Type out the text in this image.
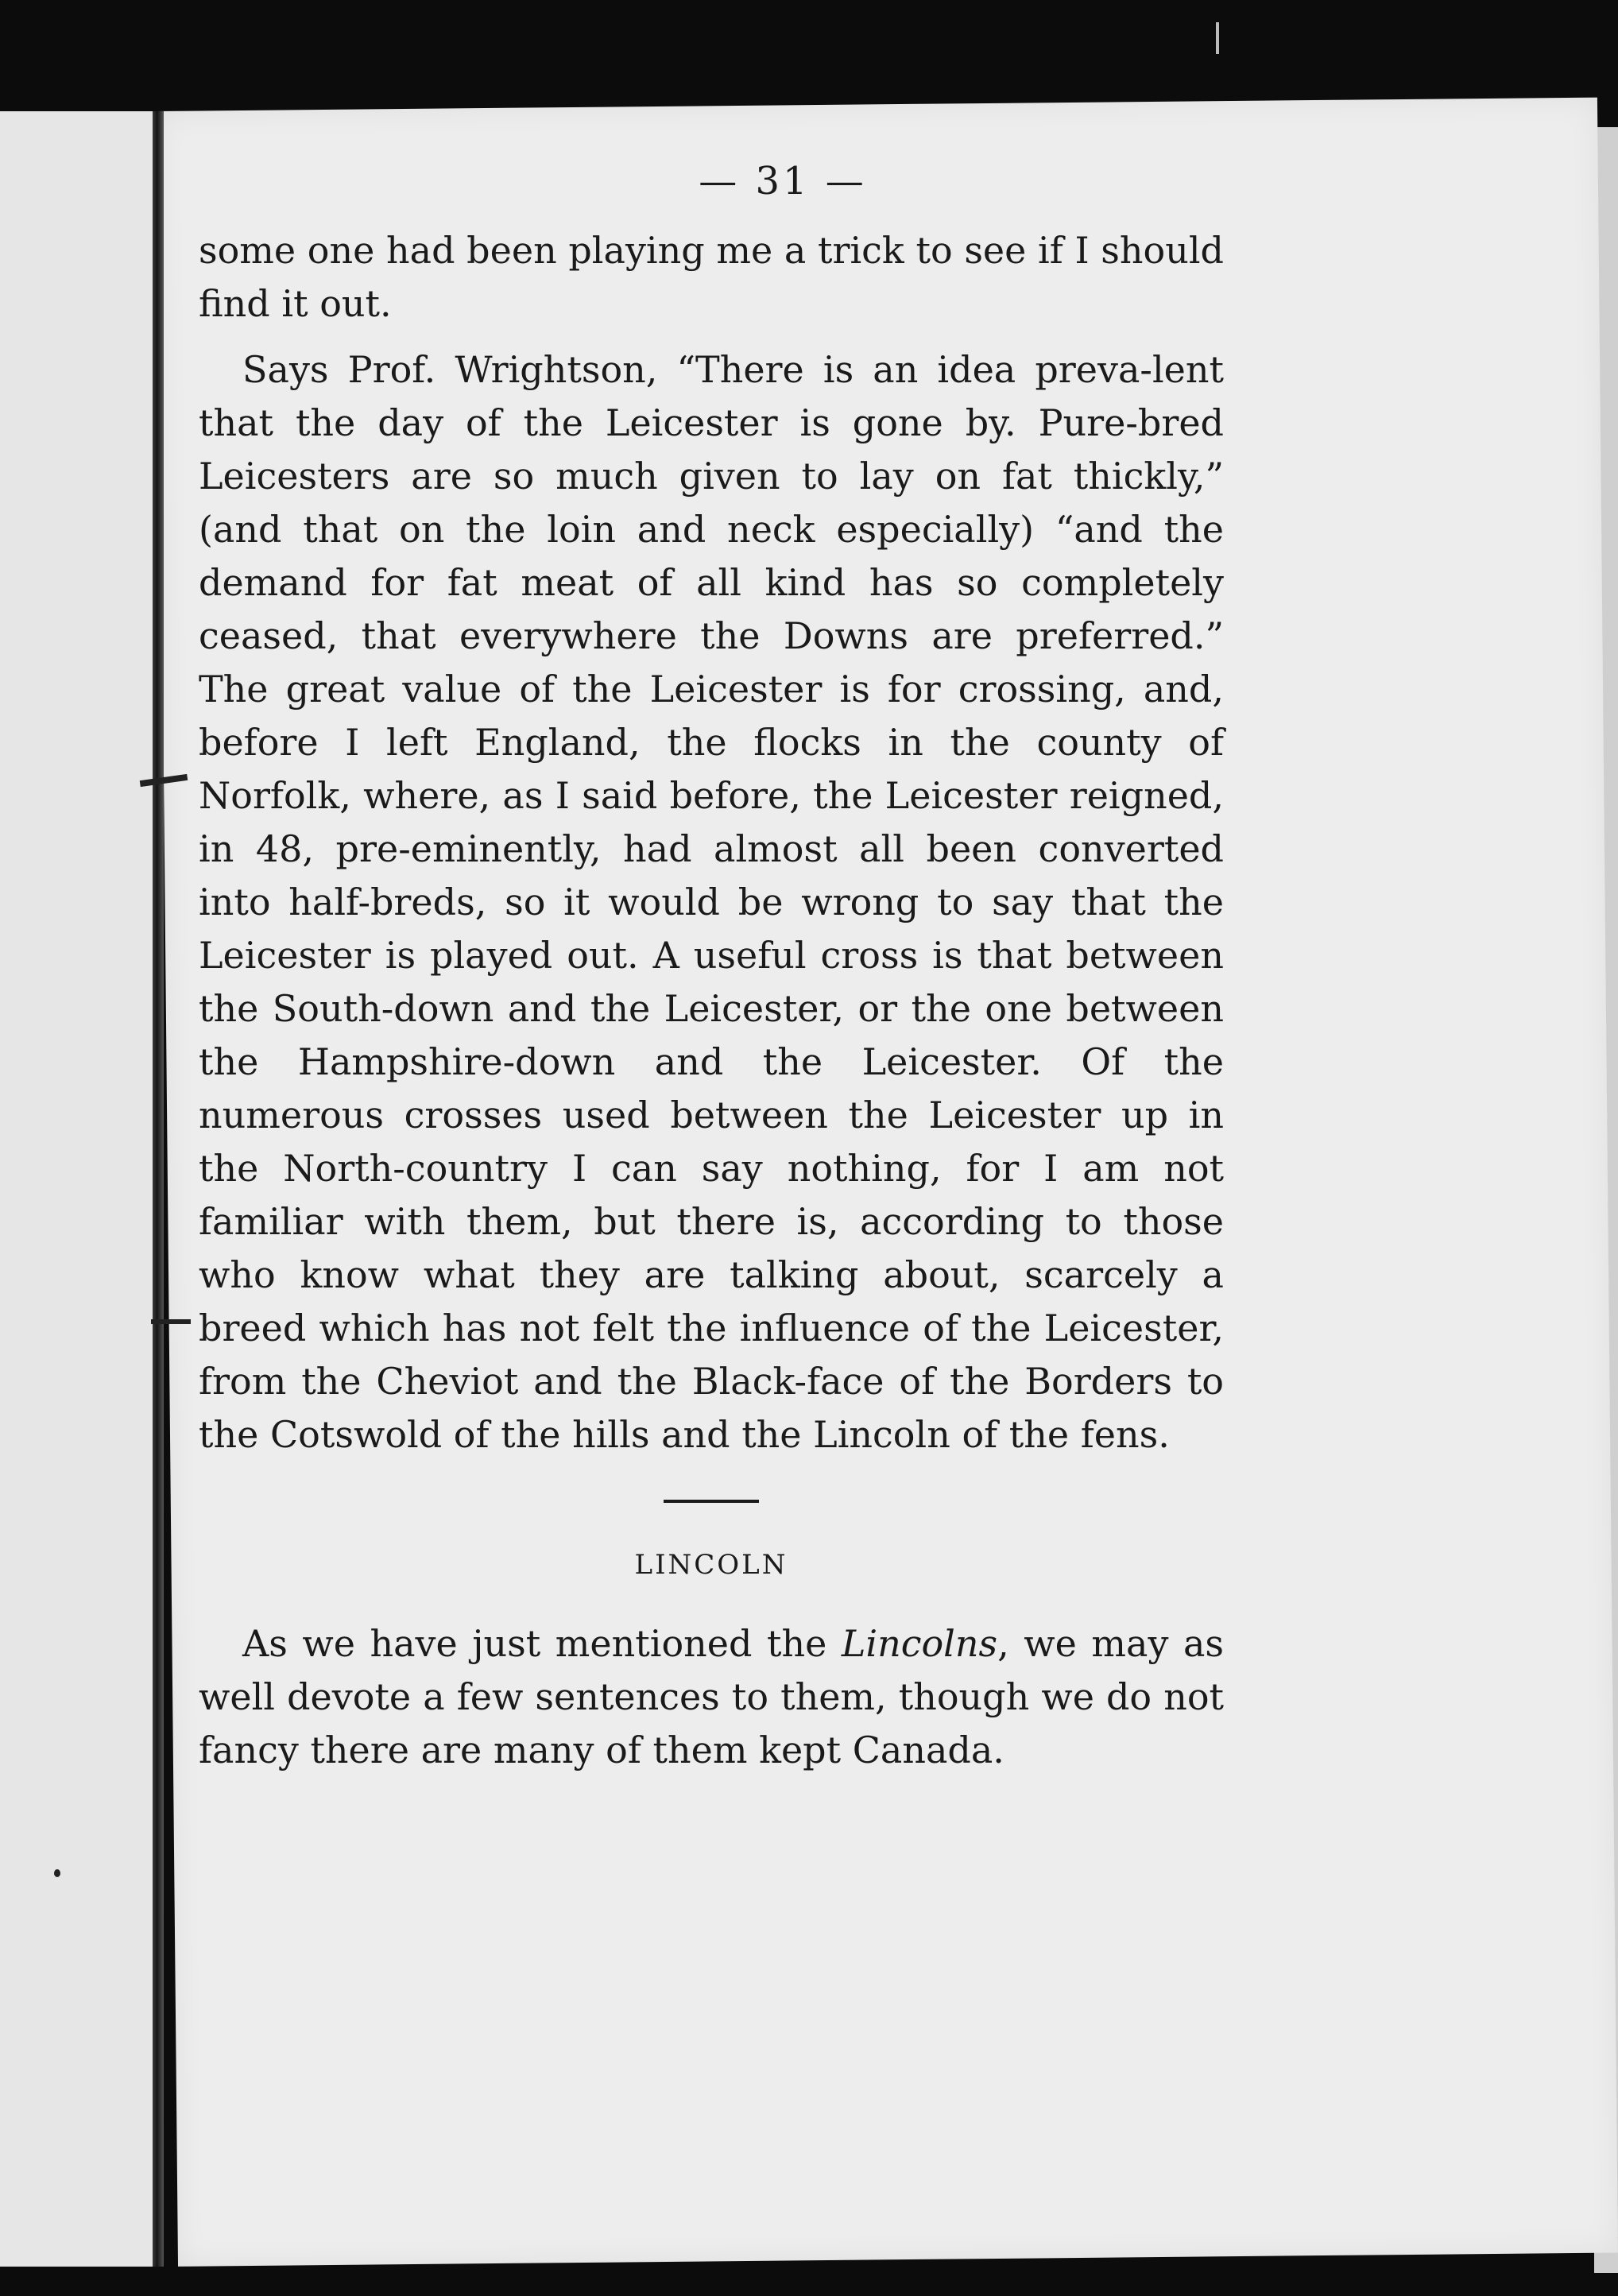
— 31 —

some one had been playing me a trick to see if I should find it out.

Says Prof. Wrightson, “There is an idea preva-lent that the day of the Leicester is gone by. Pure-bred Leicesters are so much given to lay on fat thickly,” (and that on the loin and neck especially) “and the demand for fat meat of all kind has so completely ceased, that everywhere the Downs are preferred.” The great value of the Leicester is for crossing, and, before I left England, the flocks in the county of Norfolk, where, as I said before, the Leicester reigned, in 48, pre-eminently, had almost all been converted into half-breds, so it would be wrong to say that the Leicester is played out. A useful cross is that between the South-down and the Leicester, or the one between the Hampshire-down and the Leicester. Of the numerous crosses used between the Leicester up in the North-country I can say nothing, for I am not familiar with them, but there is, according to those who know what they are talking about, scarcely a breed which has not felt the influence of the Leicester, from the Cheviot and the Black-face of the Borders to the Cotswold of the hills and the Lincoln of the fens.

LINCOLN

As we have just mentioned the Lincolns, we may as well devote a few sentences to them, though we do not fancy there are many of them kept Canada.
